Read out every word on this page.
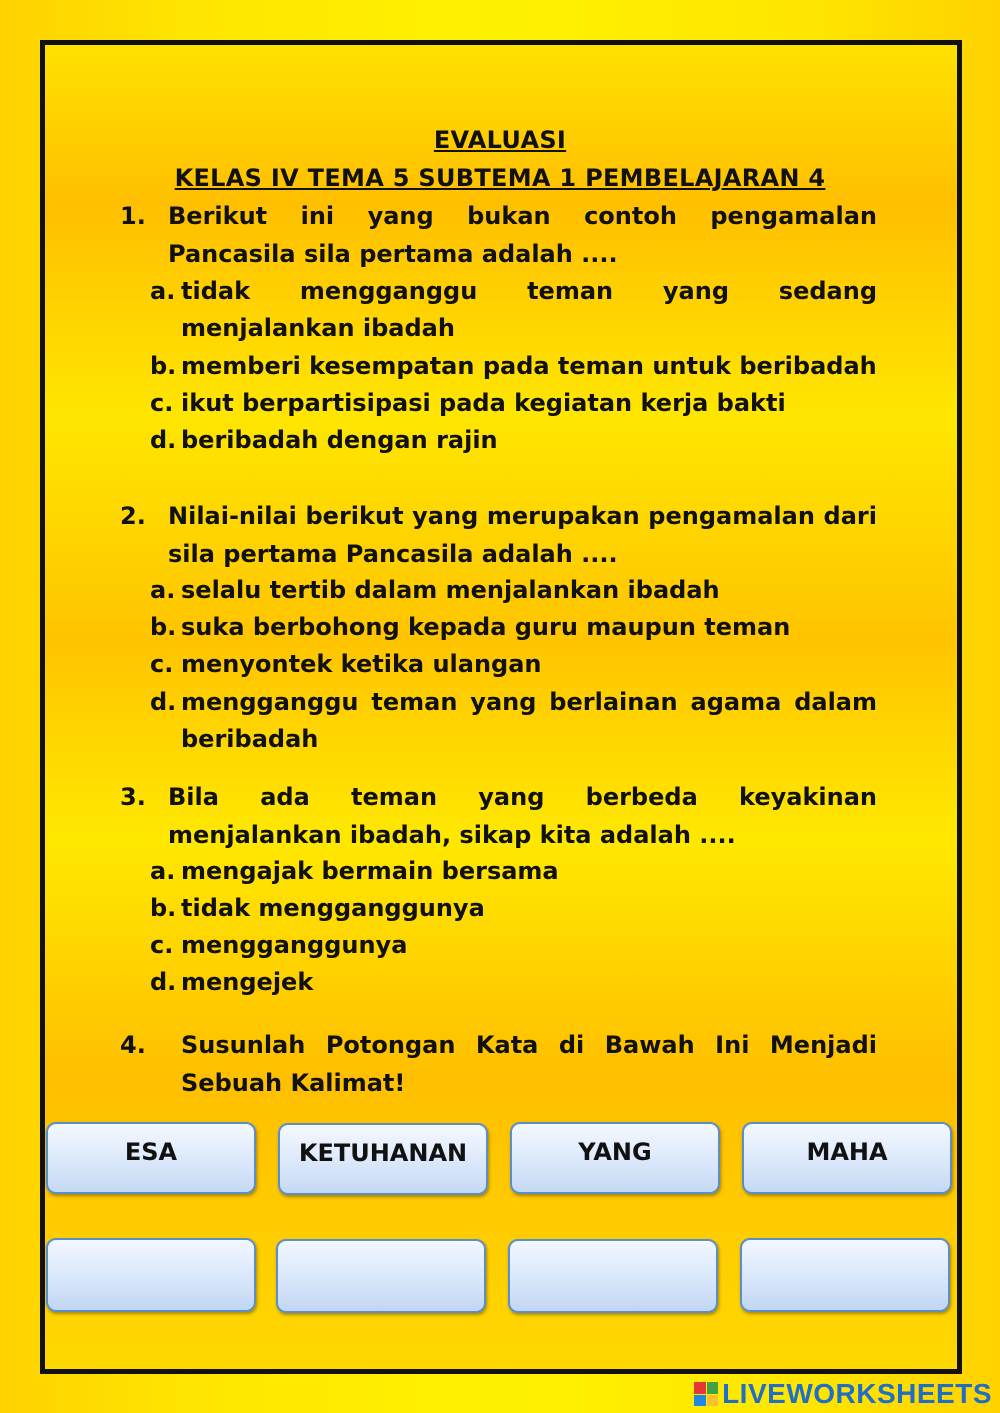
EVALUASI
KELAS IV TEMA 5 SUBTEMA 1 PEMBELAJARAN 4
1. Berikut ini yang bukan contoh pengamalan Pancasila sila pertama adalah ....
a. tidak mengganggu teman yang sedang menjalankan ibadah
b. memberi kesempatan pada teman untuk beribadah
c. ikut berpartisipasi pada kegiatan kerja bakti
d. beribadah dengan rajin
2. Nilai-nilai berikut yang merupakan pengamalan dari sila pertama Pancasila adalah ....
a. selalu tertib dalam menjalankan ibadah
b. suka berbohong kepada guru maupun teman
c. menyontek ketika ulangan
d. mengganggu teman yang berlainan agama dalam beribadah
3. Bila ada teman yang berbeda keyakinan menjalankan ibadah, sikap kita adalah ....
a. mengajak bermain bersama
b. tidak mengganggunya
c. mengganggunya
d. mengejek
4.	Susunlah Potongan Kata di Bawah Ini Menjadi Sebuah Kalimat!
ESA	KETUHANAN	YANG	MAHA
LIVEWORKSHEETS
